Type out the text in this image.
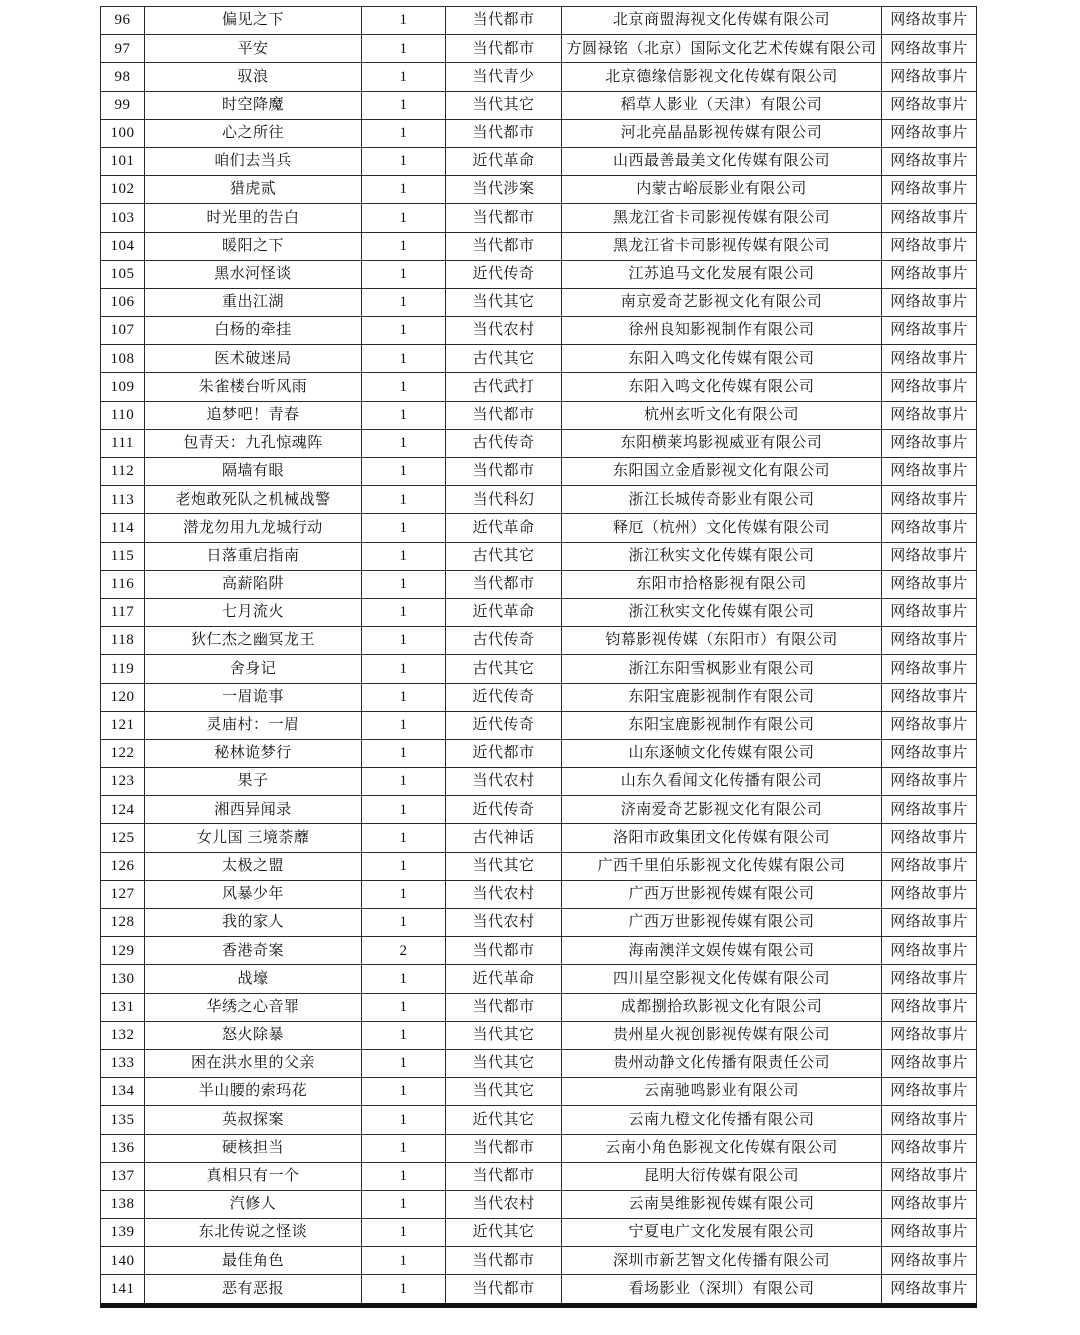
96	偏见之下	1	当代都市	北京商盟海视文化传媒有限公司	网络故事片
97	平安	1	当代都市	方圆禄铭（北京）国际文化艺术传媒有限公司	网络故事片
98	驭浪	1	当代青少	北京德缘信影视文化传媒有限公司	网络故事片
99	时空降魔	1	当代其它	稻草人影业（天津）有限公司	网络故事片
100	心之所往	1	当代都市	河北亮晶晶影视传媒有限公司	网络故事片
101	咱们去当兵	1	近代革命	山西最善最美文化传媒有限公司	网络故事片
102	猎虎贰	1	当代涉案	内蒙古峪辰影业有限公司	网络故事片
103	时光里的告白	1	当代都市	黑龙江省卡司影视传媒有限公司	网络故事片
104	暖阳之下	1	当代都市	黑龙江省卡司影视传媒有限公司	网络故事片
105	黑水河怪谈	1	近代传奇	江苏追马文化发展有限公司	网络故事片
106	重出江湖	1	当代其它	南京爱奇艺影视文化有限公司	网络故事片
107	白杨的牵挂	1	当代农村	徐州良知影视制作有限公司	网络故事片
108	医术破迷局	1	古代其它	东阳入鸣文化传媒有限公司	网络故事片
109	朱雀楼台听风雨	1	古代武打	东阳入鸣文化传媒有限公司	网络故事片
110	追梦吧！青春	1	当代都市	杭州玄听文化有限公司	网络故事片
111	包青天：九孔惊魂阵	1	古代传奇	东阳横莱坞影视威亚有限公司	网络故事片
112	隔墙有眼	1	当代都市	东阳国立金盾影视文化有限公司	网络故事片
113	老炮敢死队之机械战警	1	当代科幻	浙江长城传奇影业有限公司	网络故事片
114	潜龙勿用九龙城行动	1	近代革命	释厄（杭州）文化传媒有限公司	网络故事片
115	日落重启指南	1	古代其它	浙江秋实文化传媒有限公司	网络故事片
116	高薪陷阱	1	当代都市	东阳市拾格影视有限公司	网络故事片
117	七月流火	1	近代革命	浙江秋实文化传媒有限公司	网络故事片
118	狄仁杰之幽冥龙王	1	古代传奇	钧幕影视传媒（东阳市）有限公司	网络故事片
119	舍身记	1	古代其它	浙江东阳雪枫影业有限公司	网络故事片
120	一眉诡事	1	近代传奇	东阳宝鹿影视制作有限公司	网络故事片
121	灵庙村：一眉	1	近代传奇	东阳宝鹿影视制作有限公司	网络故事片
122	秘林诡梦行	1	近代都市	山东逐帧文化传媒有限公司	网络故事片
123	果子	1	当代农村	山东久看闻文化传播有限公司	网络故事片
124	湘西异闻录	1	近代传奇	济南爱奇艺影视文化有限公司	网络故事片
125	女儿国 三境荼蘼	1	古代神话	洛阳市政集团文化传媒有限公司	网络故事片
126	太极之盟	1	当代其它	广西千里伯乐影视文化传媒有限公司	网络故事片
127	风暴少年	1	当代农村	广西万世影视传媒有限公司	网络故事片
128	我的家人	1	当代农村	广西万世影视传媒有限公司	网络故事片
129	香港奇案	2	当代都市	海南澳洋文娱传媒有限公司	网络故事片
130	战壕	1	近代革命	四川星空影视文化传媒有限公司	网络故事片
131	华绣之心音罪	1	当代都市	成都捌拾玖影视文化有限公司	网络故事片
132	怒火除暴	1	当代其它	贵州星火视创影视传媒有限公司	网络故事片
133	困在洪水里的父亲	1	当代其它	贵州动静文化传播有限责任公司	网络故事片
134	半山腰的索玛花	1	当代其它	云南驰鸣影业有限公司	网络故事片
135	英叔探案	1	近代其它	云南九橙文化传播有限公司	网络故事片
136	硬核担当	1	当代都市	云南小角色影视文化传媒有限公司	网络故事片
137	真相只有一个	1	当代都市	昆明大衍传媒有限公司	网络故事片
138	汽修人	1	当代农村	云南昊维影视传媒有限公司	网络故事片
139	东北传说之怪谈	1	近代其它	宁夏电广文化发展有限公司	网络故事片
140	最佳角色	1	当代都市	深圳市新艺智文化传播有限公司	网络故事片
141	恶有恶报	1	当代都市	看场影业（深圳）有限公司	网络故事片
